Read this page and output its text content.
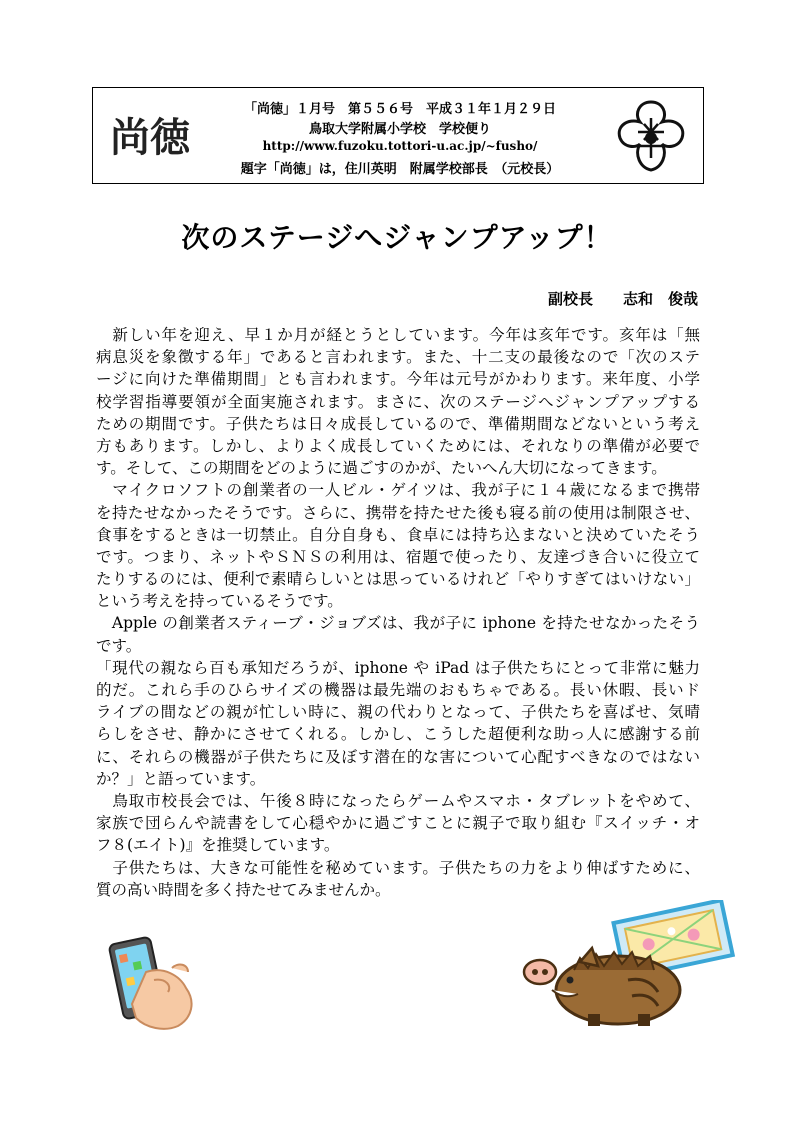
尚徳
「尚徳」１月号　第５５６号　平成３１年１月２９日
鳥取大学附属小学校　学校便り
http://www.fuzoku.tottori-u.ac.jp/~fusho/
題字「尚徳」は，住川英明　附属学校部長　（元校長）
次のステージへジャンプアップ！
副校長　　志和　俊哉
　新しい年を迎え、早１か月が経とうとしています。今年は亥年です。亥年は「無
病息災を象徴する年」であると言われます。また、十二支の最後なので「次のステ
ージに向けた準備期間」とも言われます。今年は元号がかわります。来年度、小学
校学習指導要領が全面実施されます。まさに、次のステージへジャンプアップする
ための期間です。子供たちは日々成長しているので、準備期間などないという考え
方もあります。しかし、よりよく成長していくためには、それなりの準備が必要で
す。そして、この期間をどのように過ごすのかが、たいへん大切になってきます。
　マイクロソフトの創業者の一人ビル・ゲイツは、我が子に１４歳になるまで携帯
を持たせなかったそうです。さらに、携帯を持たせた後も寝る前の使用は制限させ、
食事をするときは一切禁止。自分自身も、食卓には持ち込まないと決めていたそう
です。つまり、ネットやＳＮＳの利用は、宿題で使ったり、友達づき合いに役立て
たりするのには、便利で素晴らしいとは思っているけれど「やりすぎてはいけない」
という考えを持っているそうです。
　Apple の創業者スティーブ・ジョブズは、我が子に iphone を持たせなかったそう
です。
「現代の親なら百も承知だろうが、iphone や iPad は子供たちにとって非常に魅力
的だ。これら手のひらサイズの機器は最先端のおもちゃである。長い休暇、長いド
ライブの間などの親が忙しい時に、親の代わりとなって、子供たちを喜ばせ、気晴
らしをさせ、静かにさせてくれる。しかし、こうした超便利な助っ人に感謝する前
に、それらの機器が子供たちに及ぼす潜在的な害について心配すべきなのではない
か？」と語っています。
　鳥取市校長会では、午後８時になったらゲームやスマホ・タブレットをやめて、
家族で団らんや読書をして心穏やかに過ごすことに親子で取り組む『スイッチ・オ
フ８(エイト)』を推奨しています。
　子供たちは、大きな可能性を秘めています。子供たちの力をより伸ばすために、
質の高い時間を多く持たせてみませんか。
